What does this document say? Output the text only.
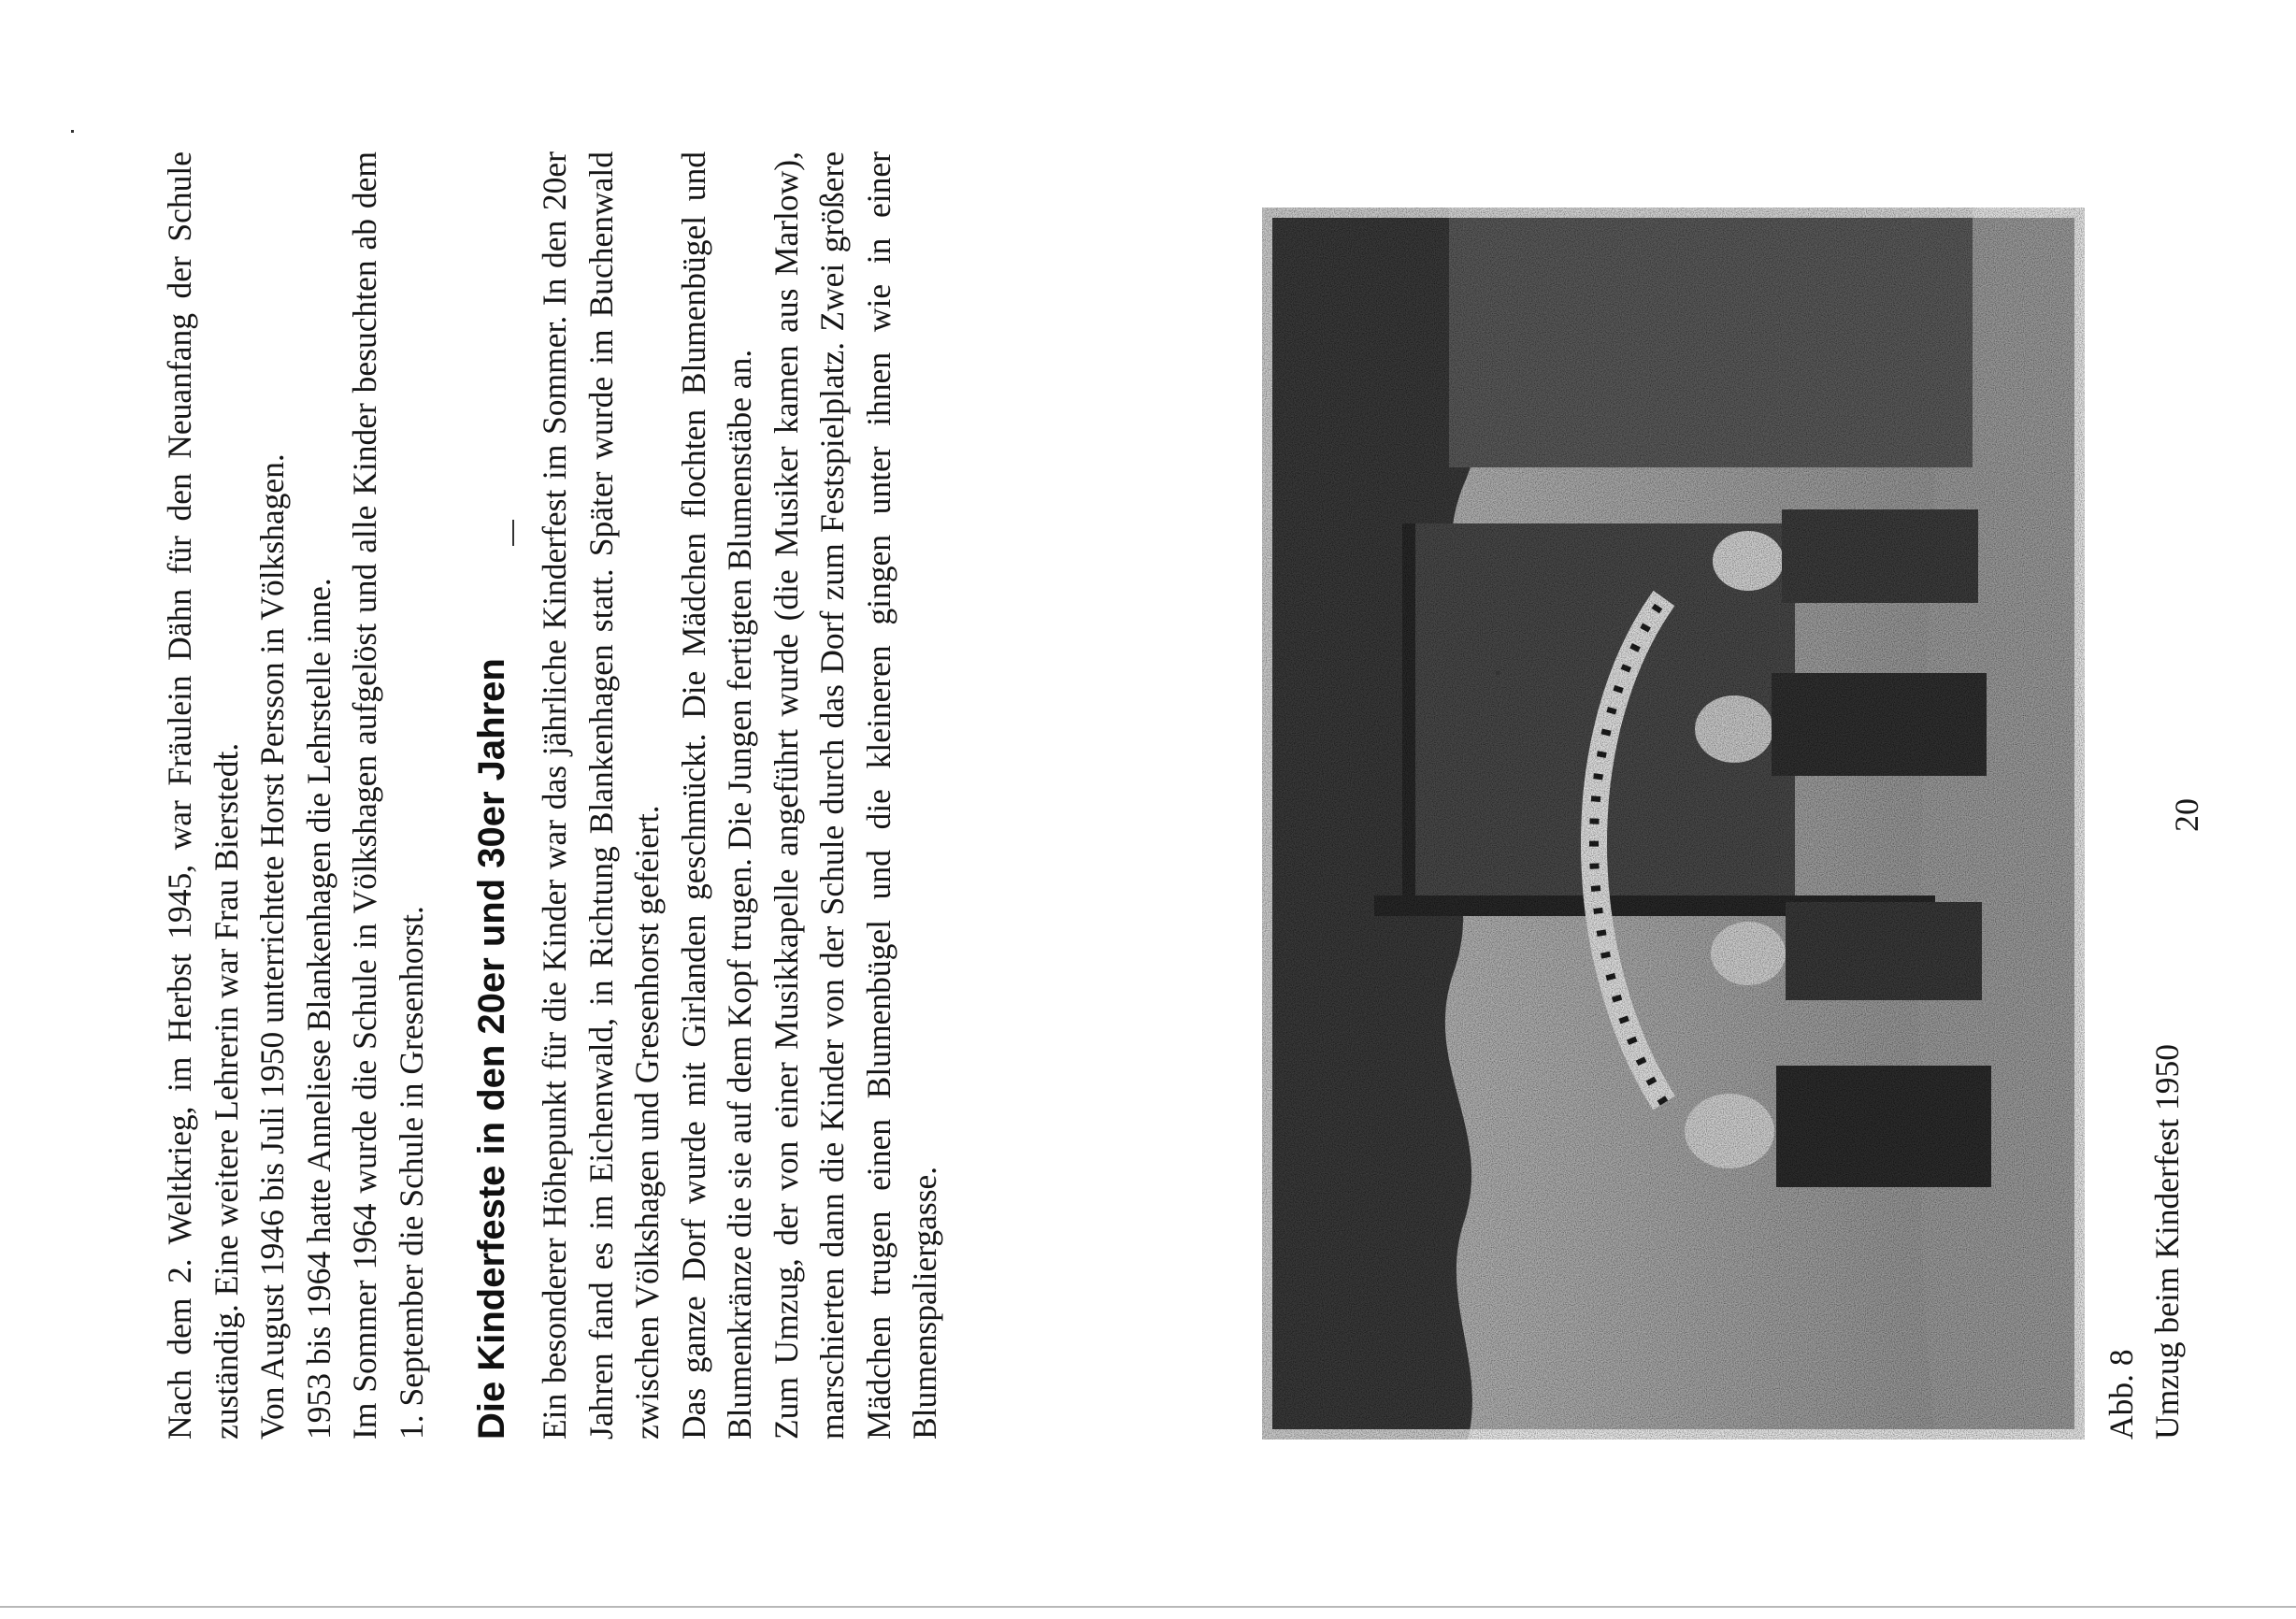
Nach dem 2. Weltkrieg, im Herbst 1945, war Fräulein Dähn für den Neuanfang der Schule zuständig. Eine weitere Lehrerin war Frau Bierstedt. Von August 1946 bis Juli 1950 unterrichtete Horst Persson in Völkshagen. 1953 bis 1964 hatte Anneliese Blankenhagen die Lehrstelle inne. Im Sommer 1964 wurde die Schule in Völkshagen aufgelöst und alle Kinder besuchten ab dem 1. September die Schule in Gresenhorst. Die Kinderfeste in den 20er und 30er Jahren Ein besonderer Höhepunkt für die Kinder war das jährliche Kinderfest im Sommer. In den 20er Jahren fand es im Eichenwald, in Richtung Blankenhagen statt. Später wurde im Buchenwald zwischen Völkshagen und Gresenhorst gefeiert. Das ganze Dorf wurde mit Girlanden geschmückt. Die Mädchen flochten Blumenbügel und Blumenkränze die sie auf dem Kopf trugen. Die Jungen fertigten Blumenstäbe an. Zum Umzug, der von einer Musikkapelle angeführt wurde (die Musiker kamen aus Marlow), marschierten dann die Kinder von der Schule durch das Dorf zum Festspielplatz. Zwei größere Mädchen trugen einen Blumenbügel und die kleineren gingen unter ihnen wie in einer Blumenspaliergasse.	Abb. 8 Umzug beim Kinderfest 1950
20
